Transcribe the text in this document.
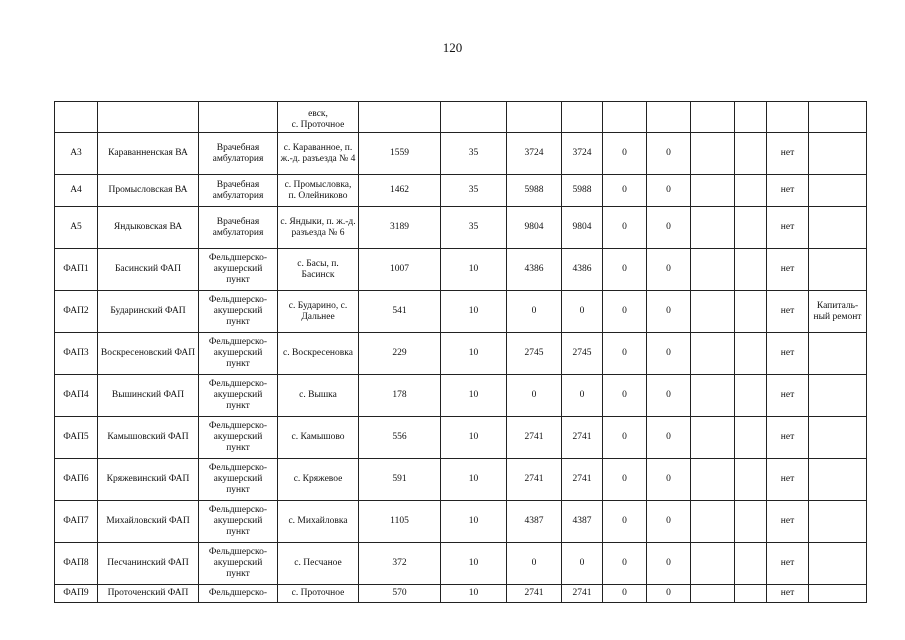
120
			евск,
с. Проточное										
А3	Караванненская ВА	Врачебная амбулатория	с. Караванное, п. ж.-д. разъезда № 4	1559	35	3724	3724	0	0			нет	
А4	Промысловская ВА	Врачебная амбулатория	с. Промысловка, п. Олейниково	1462	35	5988	5988	0	0			нет	
А5	Яндыковская ВА	Врачебная амбулатория	с. Яндыки, п. ж.-д. разъезда № 6	3189	35	9804	9804	0	0			нет	
ФАП1	Басинский ФАП	Фельдшерско-акушерский пункт	с. Басы, п. Басинск	1007	10	4386	4386	0	0			нет	
ФАП2	Бударинский ФАП	Фельдшерско-акушерский пункт	с. Бударино, с. Дальнее	541	10	0	0	0	0			нет	Капиталь-ный ремонт
ФАП3	Воскресеновский ФАП	Фельдшерско-акушерский пункт	с. Воскресеновка	229	10	2745	2745	0	0			нет	
ФАП4	Вышинский ФАП	Фельдшерско-акушерский пункт	с. Вышка	178	10	0	0	0	0			нет	
ФАП5	Камышовский ФАП	Фельдшерско-акушерский пункт	с. Камышово	556	10	2741	2741	0	0			нет	
ФАП6	Кряжевинский ФАП	Фельдшерско-акушерский пункт	с. Кряжевое	591	10	2741	2741	0	0			нет	
ФАП7	Михайловский ФАП	Фельдшерско-акушерский пункт	с. Михайловка	1105	10	4387	4387	0	0			нет	
ФАП8	Песчанинский ФАП	Фельдшерско-акушерский пункт	с. Песчаное	372	10	0	0	0	0			нет	
ФАП9	Проточенский ФАП	Фельдшерско-	с. Проточное	570	10	2741	2741	0	0			нет	
